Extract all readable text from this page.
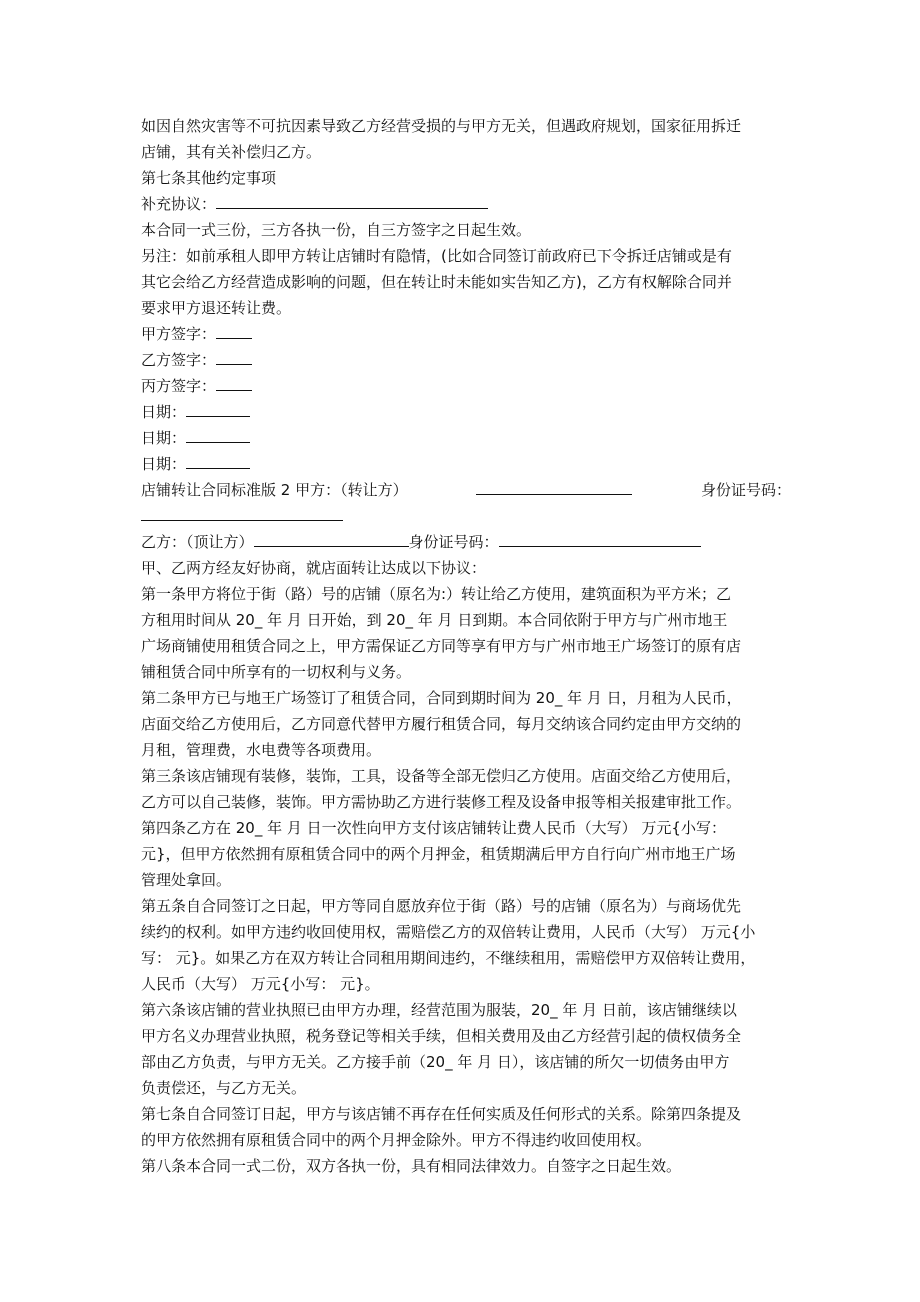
如因自然灾害等不可抗因素导致乙方经营受损的与甲方无关，但遇政府规划，国家征用拆迁
店铺，其有关补偿归乙方。
第七条其他约定事项
补充协议：
本合同一式三份，三方各执一份，自三方签字之日起生效。
另注：如前承租人即甲方转让店铺时有隐情，(比如合同签订前政府已下令拆迁店铺或是有
其它会给乙方经营造成影响的问题，但在转让时未能如实告知乙方)，乙方有权解除合同并
要求甲方退还转让费。
甲方签字：
乙方签字：
丙方签字：
日期：
日期：
日期：
店铺转让合同标准版 2 甲方：（转让方）	身份证号码：
乙方：（顶让方）	身份证号码：
甲、乙两方经友好协商，就店面转让达成以下协议：
第一条甲方将位于街（路）号的店铺（原名为:）转让给乙方使用，建筑面积为平方米；乙
方租用时间从 20_ 年 月 日开始，到 20_ 年 月 日到期。本合同依附于甲方与广州市地王
广场商铺使用租赁合同之上，甲方需保证乙方同等享有甲方与广州市地王广场签订的原有店
铺租赁合同中所享有的一切权利与义务。
第二条甲方已与地王广场签订了租赁合同，合同到期时间为 20_ 年 月 日，月租为人民币，
店面交给乙方使用后，乙方同意代替甲方履行租赁合同，每月交纳该合同约定由甲方交纳的
月租，管理费，水电费等各项费用。
第三条该店铺现有装修，装饰，工具，设备等全部无偿归乙方使用。店面交给乙方使用后，
乙方可以自己装修，装饰。甲方需协助乙方进行装修工程及设备申报等相关报建审批工作。
第四条乙方在 20_ 年 月 日一次性向甲方支付该店铺转让费人民币（大写） 万元{小写：
元}，但甲方依然拥有原租赁合同中的两个月押金，租赁期满后甲方自行向广州市地王广场
管理处拿回。
第五条自合同签订之日起，甲方等同自愿放弃位于街（路）号的店铺（原名为）与商场优先
续约的权利。如甲方违约收回使用权，需赔偿乙方的双倍转让费用，人民币（大写） 万元{小
写： 元}。如果乙方在双方转让合同租用期间违约，不继续租用，需赔偿甲方双倍转让费用，
人民币（大写） 万元{小写： 元}。
第六条该店铺的营业执照已由甲方办理，经营范围为服装，20_ 年 月 日前，该店铺继续以
甲方名义办理营业执照，税务登记等相关手续，但相关费用及由乙方经营引起的债权债务全
部由乙方负责，与甲方无关。乙方接手前（20_ 年 月 日），该店铺的所欠一切债务由甲方
负责偿还，与乙方无关。
第七条自合同签订日起，甲方与该店铺不再存在任何实质及任何形式的关系。除第四条提及
的甲方依然拥有原租赁合同中的两个月押金除外。甲方不得违约收回使用权。
第八条本合同一式二份，双方各执一份，具有相同法律效力。自签字之日起生效。
